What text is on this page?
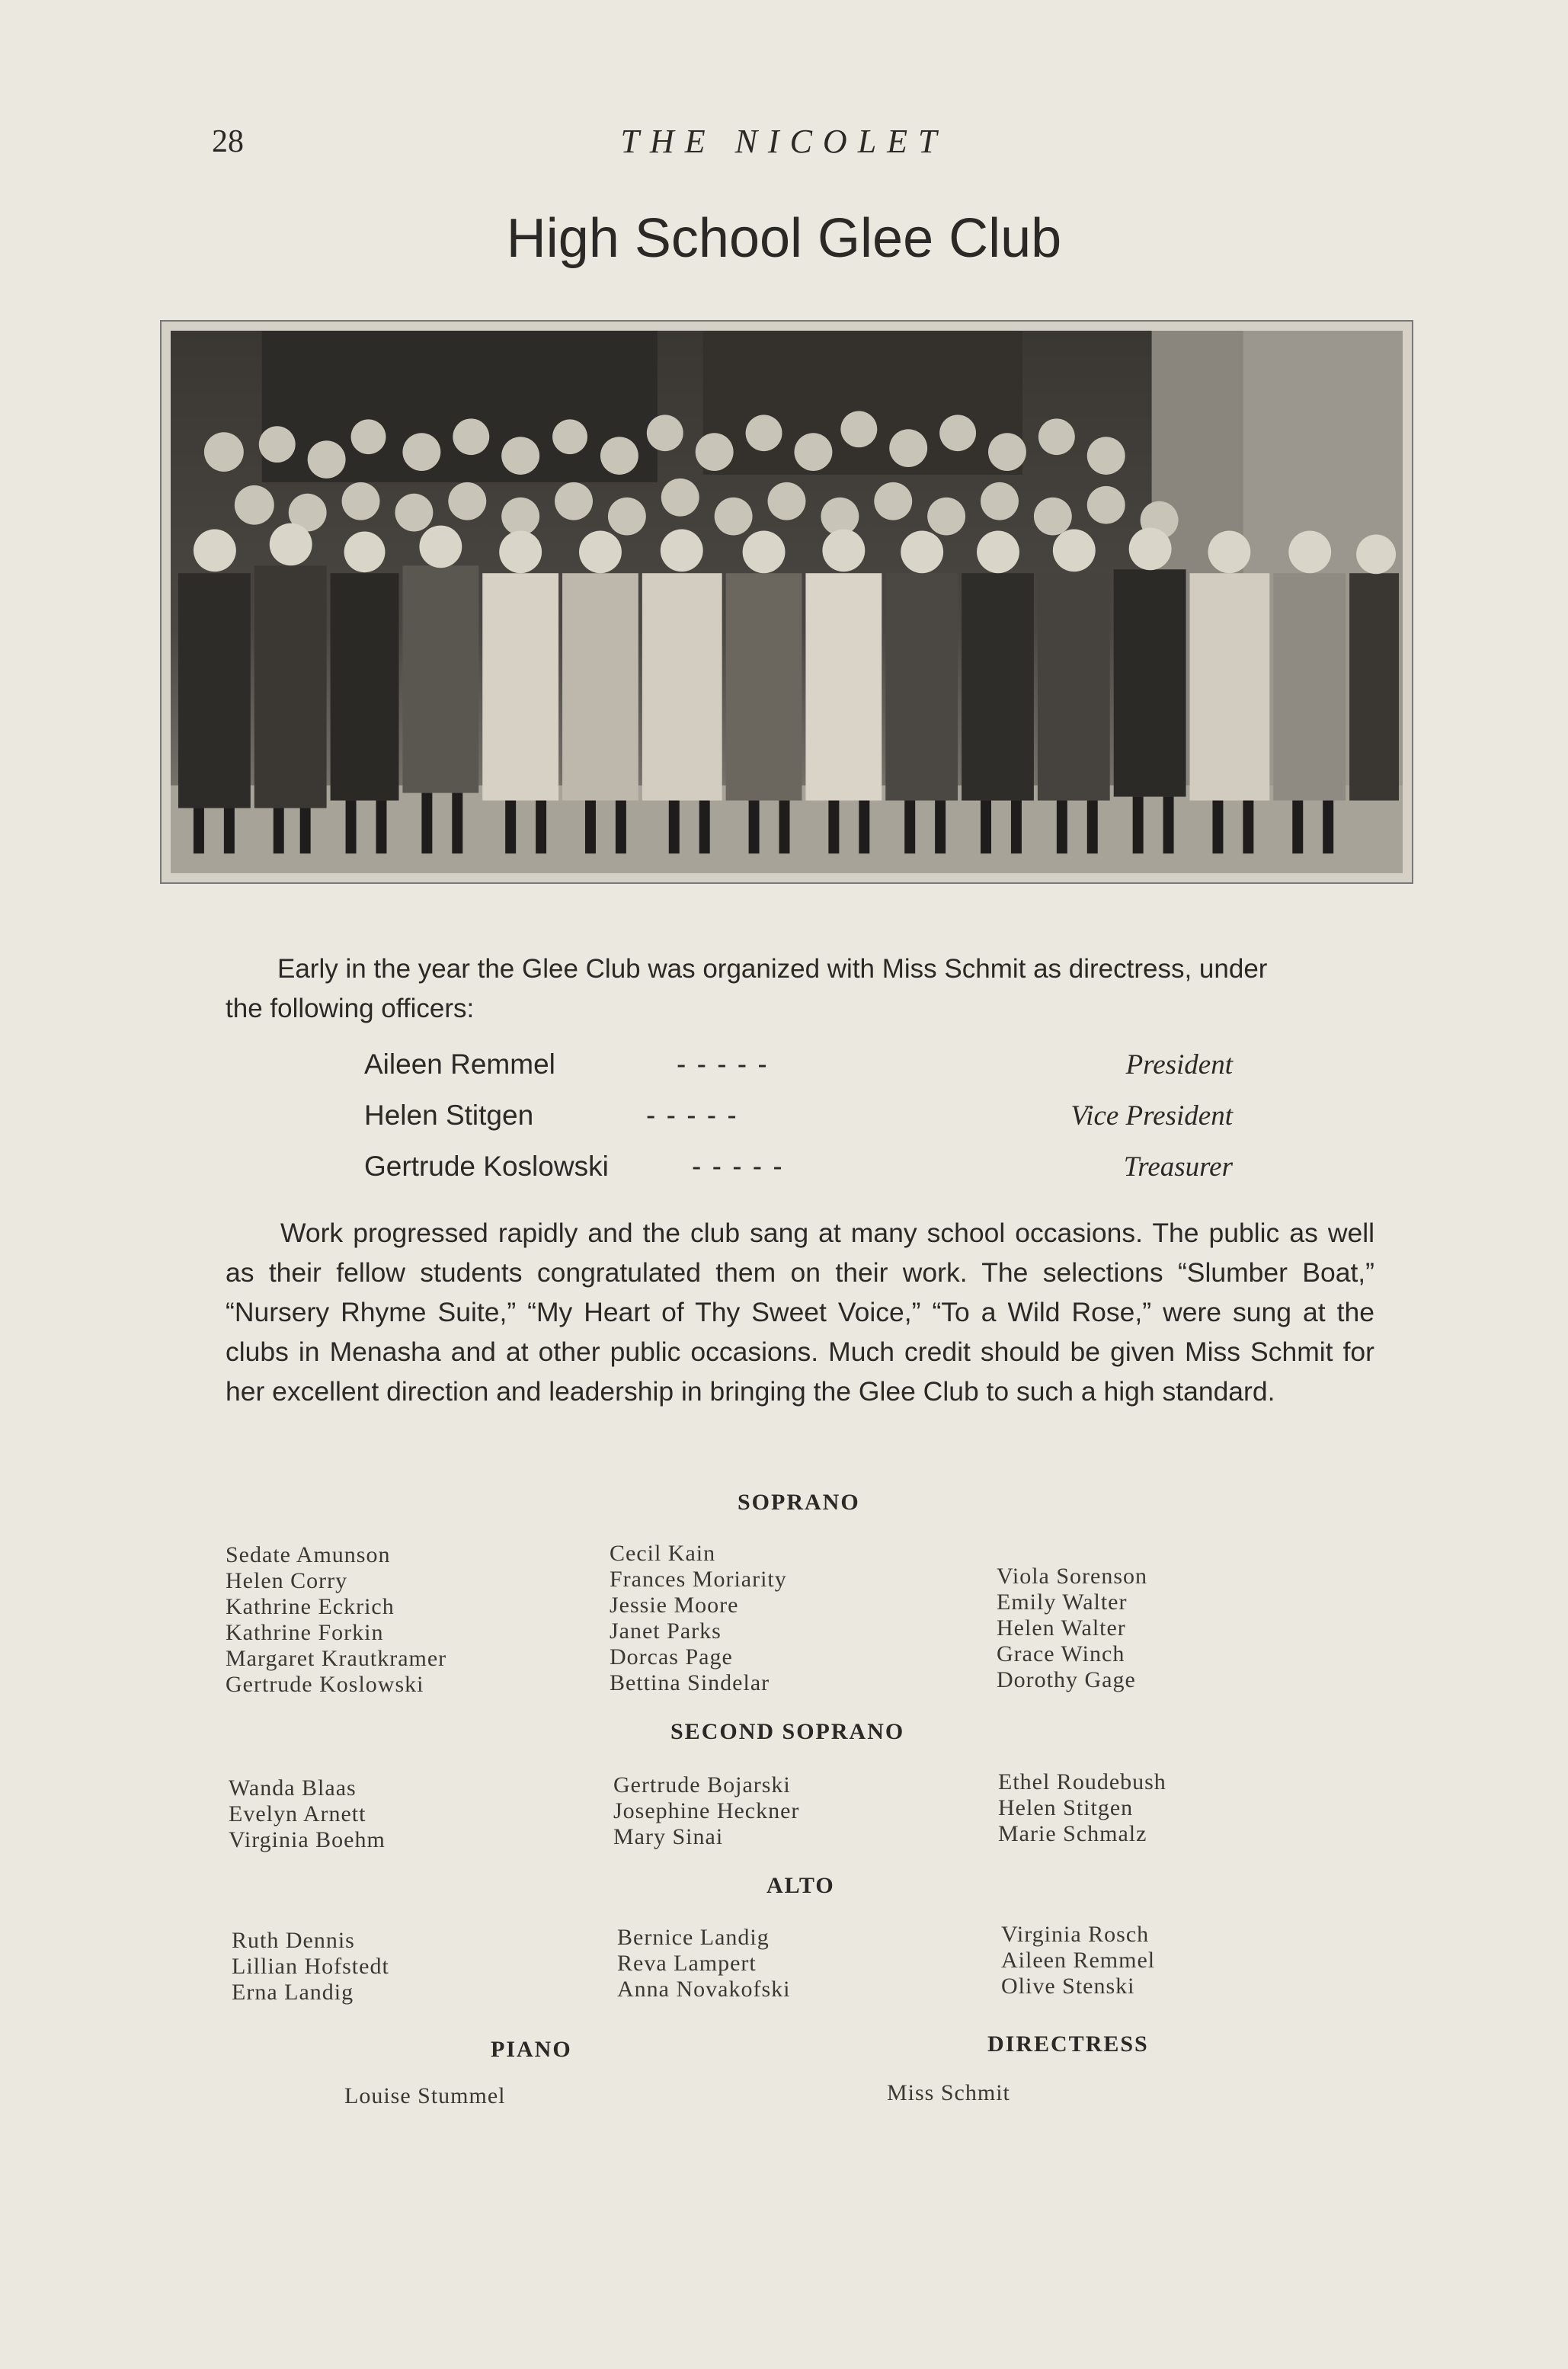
28	THE NICOLET
High School Glee Club
Early in the year the Glee Club was organized with Miss Schmit as directress, under
the following officers:
Aileen Remmel	- - - - -	President
Helen Stitgen	- - - - -	Vice President
Gertrude Koslowski	- - - - -	Treasurer
Work progressed rapidly and the club sang at many school occasions. The public as well as their fellow students congratulated them on their work. The selections “Slumber Boat,” “Nursery Rhyme Suite,” “My Heart of Thy Sweet Voice,” “To a Wild Rose,” were sung at the clubs in Menasha and at other public occasions. Much credit should be given Miss Schmit for her excellent direction and leadership in bringing the Glee Club to such a high standard.
SOPRANO
Sedate Amunson
Helen Corry
Kathrine Eckrich
Kathrine Forkin
Margaret Krautkramer
Gertrude Koslowski
Cecil Kain
Frances Moriarity
Jessie Moore
Janet Parks
Dorcas Page
Bettina Sindelar
Viola Sorenson
Emily Walter
Helen Walter
Grace Winch
Dorothy Gage
SECOND SOPRANO
Wanda Blaas
Evelyn Arnett
Virginia Boehm
Gertrude Bojarski
Josephine Heckner
Mary Sinai
Ethel Roudebush
Helen Stitgen
Marie Schmalz
ALTO
Ruth Dennis
Lillian Hofstedt
Erna Landig
Bernice Landig
Reva Lampert
Anna Novakofski
Virginia Rosch
Aileen Remmel
Olive Stenski
PIANO
Louise Stummel
DIRECTRESS
Miss Schmit
